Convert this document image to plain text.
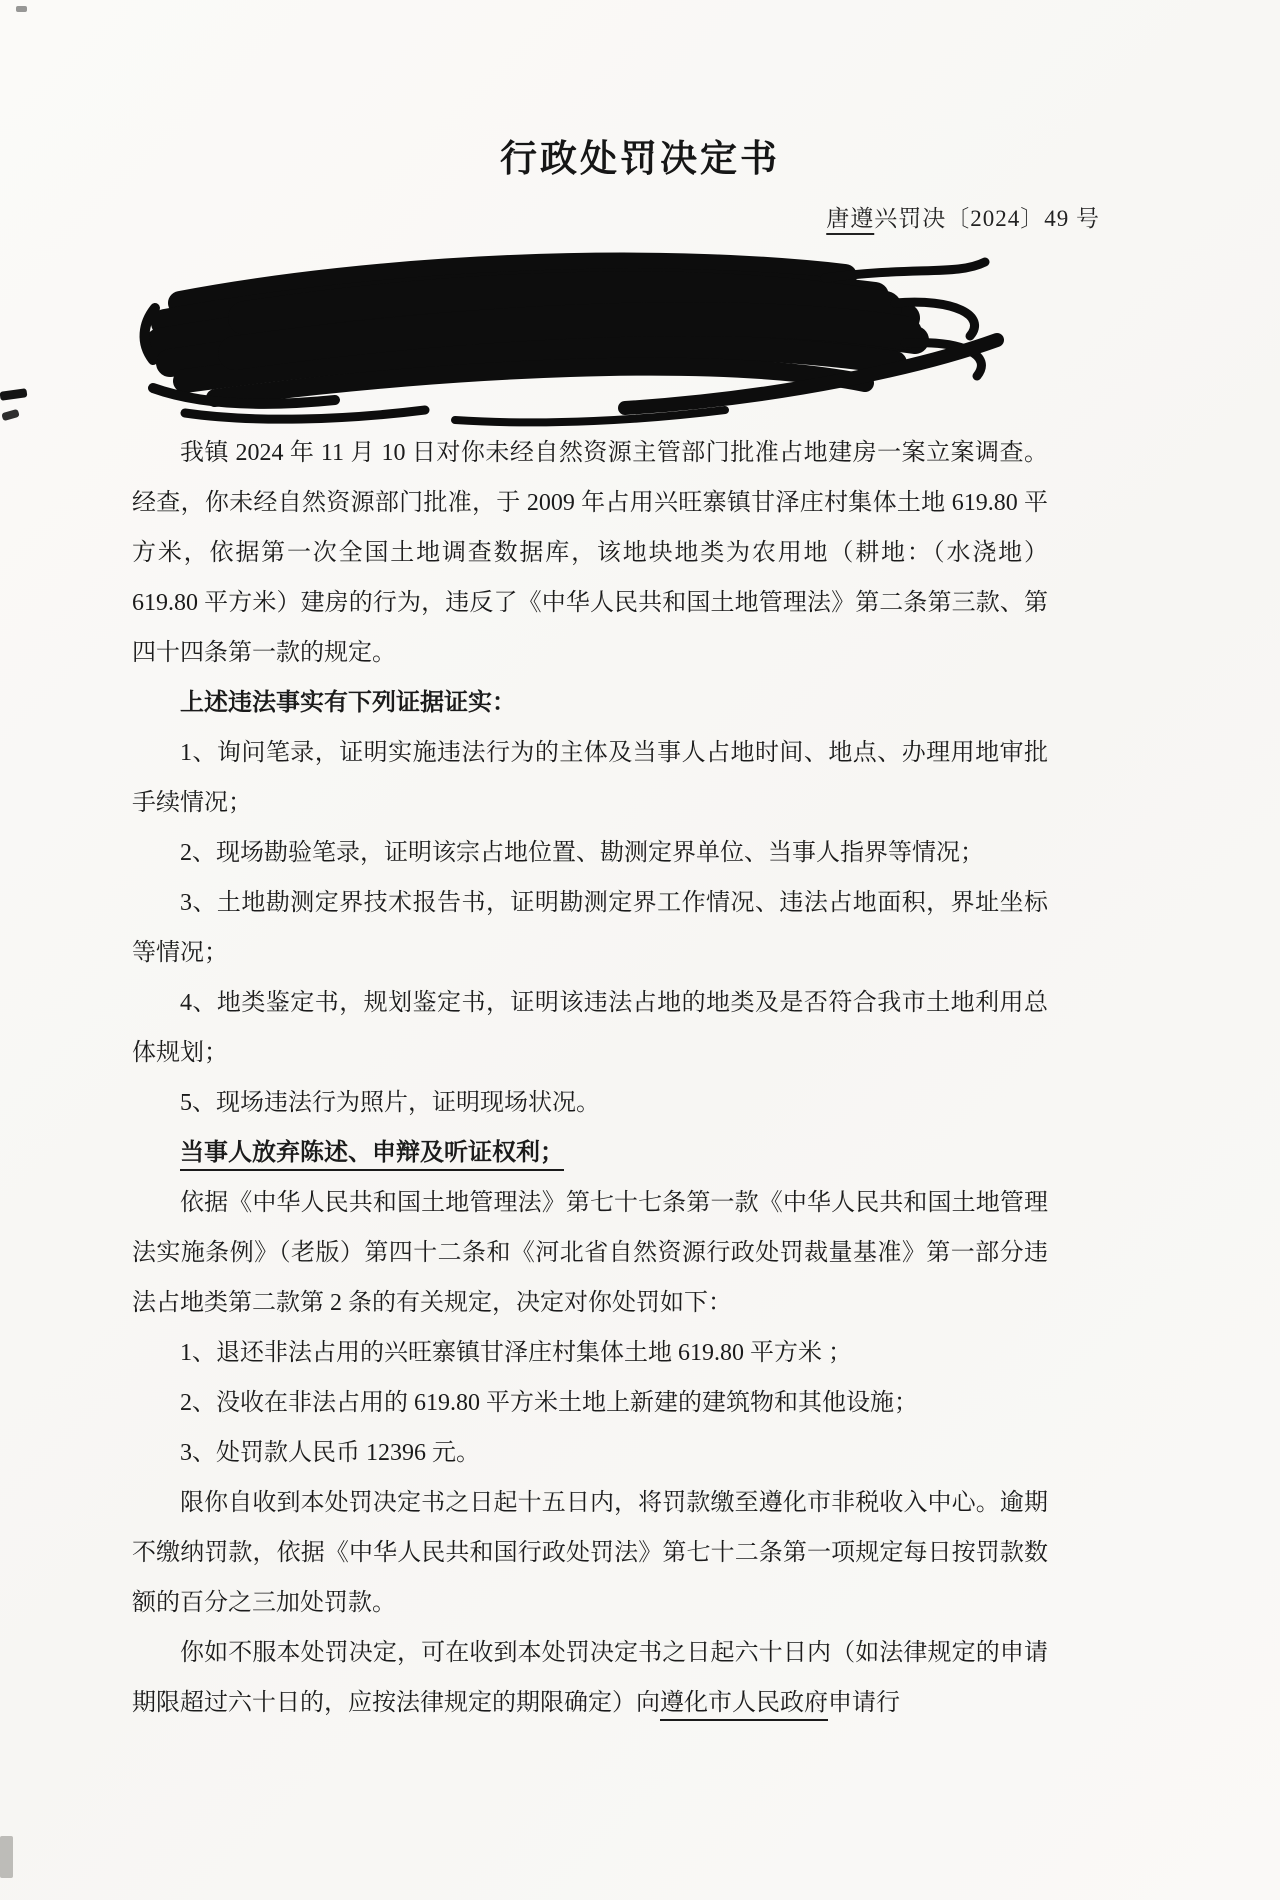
行政处罚决定书
唐遵兴罚决〔2024〕49 号

我镇 2024 年 11 月 10 日对你未经自然资源主管部门批准占地建房一案立案调查。经查，你未经自然资源部门批准，于 2009 年占用兴旺寨镇甘泽庄村集体土地 619.80 平方米，依据第一次全国土地调查数据库，该地块地类为农用地（耕地：（水浇地）619.80 平方米）建房的行为，违反了《中华人民共和国土地管理法》第二条第三款、第四十四条第一款的规定。

上述违法事实有下列证据证实：

1、询问笔录，证明实施违法行为的主体及当事人占地时间、地点、办理用地审批手续情况；

2、现场勘验笔录，证明该宗占地位置、勘测定界单位、当事人指界等情况；

3、土地勘测定界技术报告书，证明勘测定界工作情况、违法占地面积，界址坐标等情况；

4、地类鉴定书，规划鉴定书，证明该违法占地的地类及是否符合我市土地利用总体规划；

5、现场违法行为照片，证明现场状况。

当事人放弃陈述、申辩及听证权利；

依据《中华人民共和国土地管理法》第七十七条第一款《中华人民共和国土地管理法实施条例》（老版）第四十二条和《河北省自然资源行政处罚裁量基准》第一部分违法占地类第二款第 2 条的有关规定，决定对你处罚如下：

1、退还非法占用的兴旺寨镇甘泽庄村集体土地 619.80 平方米 ；

2、没收在非法占用的 619.80 平方米土地上新建的建筑物和其他设施；

3、处罚款人民币 12396 元。

限你自收到本处罚决定书之日起十五日内，将罚款缴至遵化市非税收入中心。逾期不缴纳罚款，依据《中华人民共和国行政处罚法》第七十二条第一项规定每日按罚款数额的百分之三加处罚款。

你如不服本处罚决定，可在收到本处罚决定书之日起六十日内（如法律规定的申请期限超过六十日的，应按法律规定的期限确定）向遵化市人民政府申请行
